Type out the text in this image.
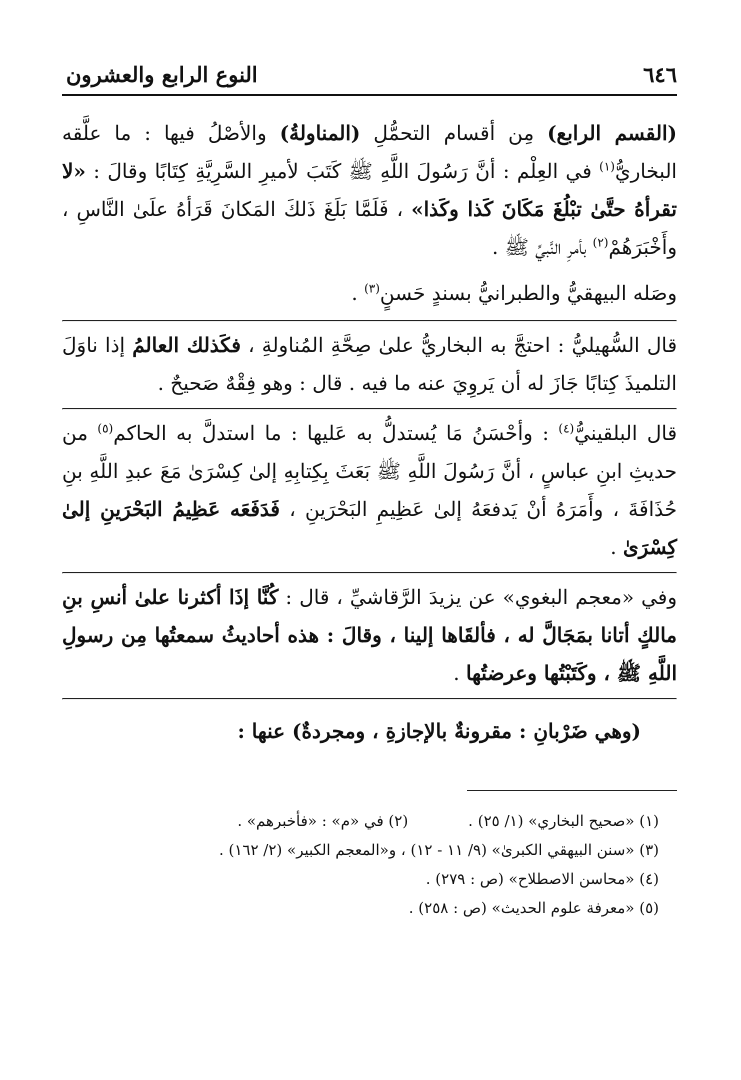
٦٤٦
النوع الرابع والعشرون

(القسم الرابع) مِن أقسام التحمُّلِ (المناولةُ) والأصْلُ فيها : ما علَّقه البخاريُّ$^{(١)}$ في العِلْم : أنَّ رَسُولَ اللَّهِ ﷺ كَتَبَ لأميرِ السَّرِيَّةِ كِتَابًا وقالَ : «لا تقرأهُ حتَّىٰ تبْلُغَ مَكَانَ كَذا وكَذا» ، فَلَمَّا بَلَغَ ذَلكَ المَكانَ قَرَأهُ علَىٰ النَّاسِ ، وأَخْبَرَهُمْ$^{(٢)}$ بأمرِ النَّبيِّ ﷺ .

وصَله البيهقيُّ والطبرانيُّ بسندٍ حَسنٍ$^{(٣)}$ .

قال السُّهيليُّ : احتجَّ به البخاريُّ علىٰ صِحَّةِ المُناولةِ ، فكَذلك العالمُ إذا ناوَلَ التلميذَ كِتابًا جَازَ له أن يَروِيَ عنه ما فيه . قال : وهو فِقْهٌ صَحيحٌ .

قال البلقينيُّ$^{(٤)}$ : وأحْسَنُ مَا يُستدلُّ به عَليها : ما استدلَّ به الحاكم$^{(٥)}$ من حديثِ ابنِ عباسٍ ، أنَّ رَسُولَ اللَّهِ ﷺ بَعَثَ بِكِتابِهِ إلىٰ كِسْرَىٰ مَعَ عبدِ اللَّهِ بنِ حُذَافَةَ ، وأَمَرَهُ أنْ يَدفعَهُ إلىٰ عَظِيمِ البَحْرَينِ ، فَدَفَعَه عَظِيمُ البَحْرَينِ إلىٰ كِسْرَىٰ .

وفي «معجم البغوي» عن يزيدَ الرَّقاشيِّ ، قال : كُنَّا إذَا أكثرنا علىٰ أنسِ بنِ مالكٍ أتانا بمَجَالَّ له ، فألقَاها إلينا ، وقالَ : هذه أحاديثُ سمعتُها مِن رسولِ اللَّهِ ﷺ ، وكَتَبْتُها وعرضتُها .

(وهي ضَرْبانِ : مقرونةٌ بالإجازةِ ، ومجردةٌ) عنها :

(١) «صحيح البخاري» (١/ ٢٥) .
(٢) في «م» : «فأخبرهم» .
(٣) «سنن البيهقي الكبرىٰ» (٩/ ١١ - ١٢) ، و«المعجم الكبير» (٢/ ١٦٢) .
(٤) «محاسن الاصطلاح» (ص : ٢٧٩) .
(٥) «معرفة علوم الحديث» (ص : ٢٥٨) .
